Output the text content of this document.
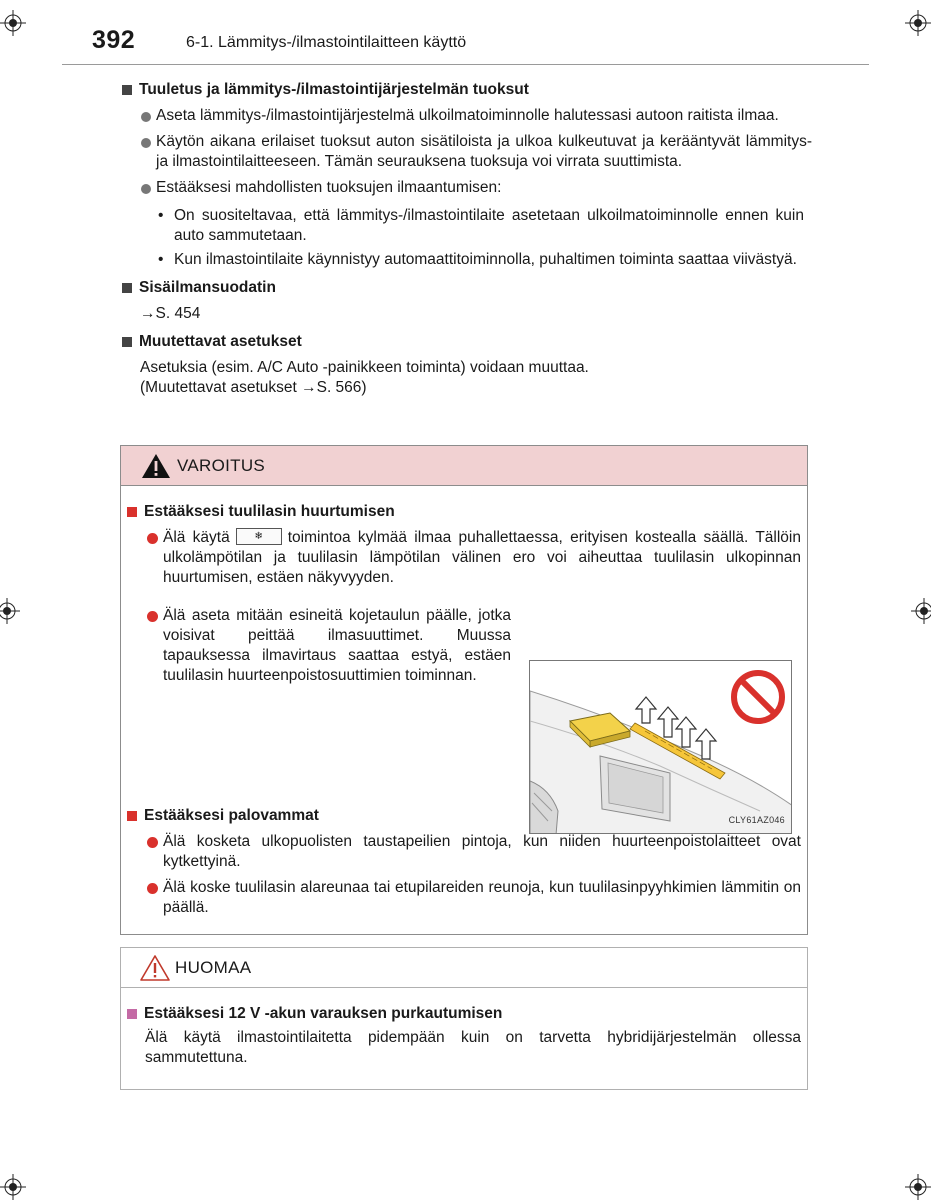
392	6-1. Lämmitys-/ilmastointilaitteen käyttö
Tuuletus ja lämmitys-/ilmastointijärjestelmän tuoksut
Aseta lämmitys-/ilmastointijärjestelmä ulkoilmatoiminnolle halutessasi autoon raitista ilmaa.
Käytön aikana erilaiset tuoksut auton sisätiloista ja ulkoa kulkeutuvat ja kerääntyvät lämmitys- ja ilmastointilaitteeseen. Tämän seurauksena tuoksuja voi virrata suuttimista.
Estääksesi mahdollisten tuoksujen ilmaantumisen:
• On suositeltavaa, että lämmitys-/ilmastointilaite asetetaan ulkoilmatoiminnolle ennen kuin auto sammutetaan.
• Kun ilmastointilaite käynnistyy automaattitoiminnolla, puhaltimen toiminta saattaa viivästyä.
Sisäilmansuodatin
→S. 454
Muutettavat asetukset
Asetuksia (esim. A/C Auto -painikkeen toiminta) voidaan muuttaa.
(Muutettavat asetukset →S. 566)
VAROITUS
Estääksesi tuulilasin huurtumisen
Älä käytä	❄	toimintoa kylmää ilmaa puhallettaessa, erityisen kostealla säällä. Tällöin ulkolämpötilan ja tuulilasin lämpötilan välinen ero voi aiheuttaa tuulilasin ulkopinnan huurtumisen, estäen näkyvyyden.
Älä aseta mitään esineitä kojetaulun päälle, jotka voisivat peittää ilmasuuttimet. Muussa tapauksessa ilmavirtaus saattaa estyä, estäen tuulilasin huurteenpoistosuuttimien toiminnan.
CLY61AZ046
Estääksesi palovammat
Älä kosketa ulkopuolisten taustapeilien pintoja, kun niiden huurteenpoistolaitteet ovat kytkettyinä.
Älä koske tuulilasin alareunaa tai etupilareiden reunoja, kun tuulilasinpyyhkimien lämmitin on päällä.
HUOMAA
Estääksesi 12 V -akun varauksen purkautumisen
Älä käytä ilmastointilaitetta pidempään kuin on tarvetta hybridijärjestelmän ollessa sammutettuna.
